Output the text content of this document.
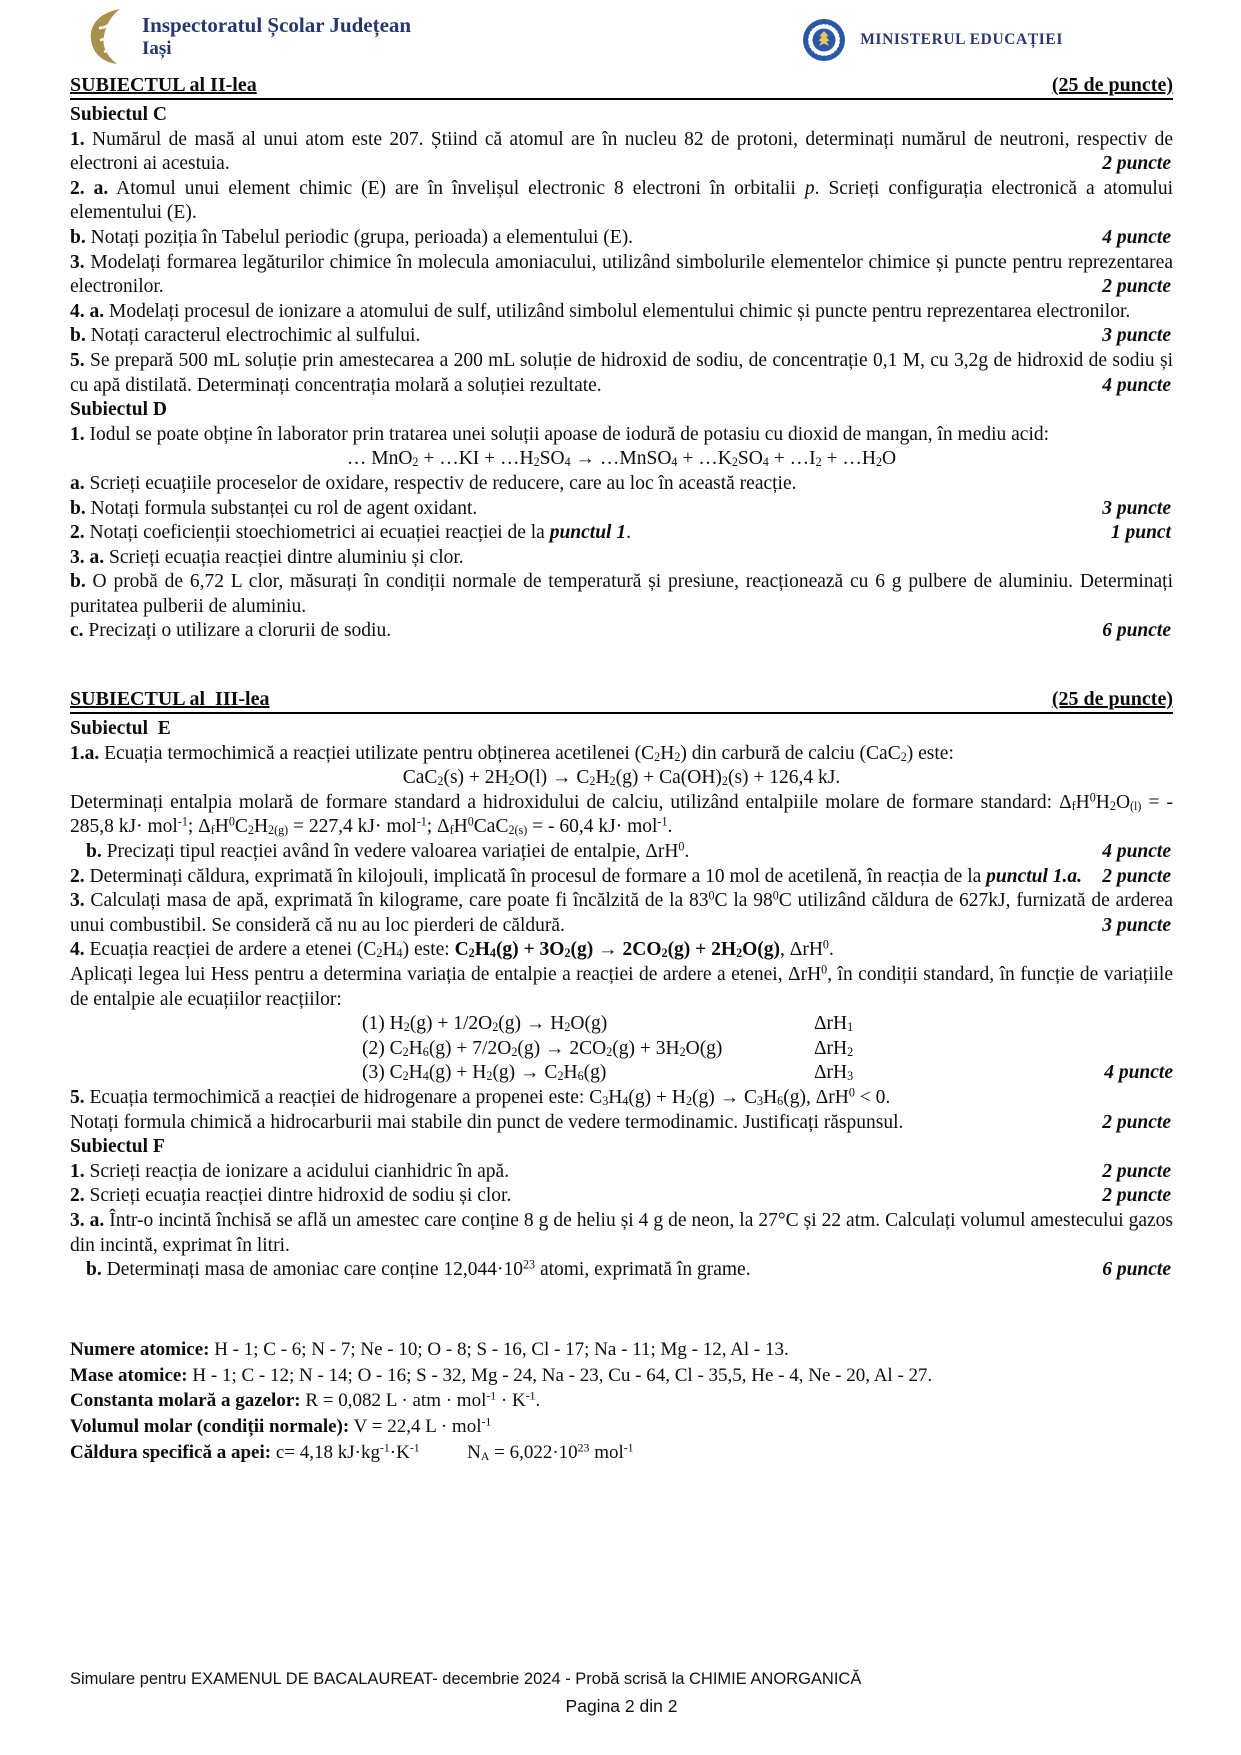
Inspectoratul Școlar Județean
Iași	MINISTERUL EDUCAȚIEI
SUBIECTUL al II-lea	(25 de puncte)
Subiectul C
1. Numărul de masă al unui atom este 207. Știind că atomul are în nucleu 82 de protoni, determinați numărul de neutroni, respectiv de electroni ai acestuia.	2 puncte
2. a. Atomul unui element chimic (E) are în învelișul electronic 8 electroni în orbitalii p. Scrieți configurația electronică a atomului elementului (E).
b. Notați poziția în Tabelul periodic (grupa, perioada) a elementului (E).	4 puncte
3. Modelați formarea legăturilor chimice în molecula amoniacului, utilizând simbolurile elementelor chimice și puncte pentru reprezentarea electronilor.	2 puncte
4. a. Modelați procesul de ionizare a atomului de sulf, utilizând simbolul elementului chimic și puncte pentru reprezentarea electronilor.
b. Notați caracterul electrochimic al sulfului.	3 puncte
5. Se prepară 500 mL soluție prin amestecarea a 200 mL soluție de hidroxid de sodiu, de concentrație 0,1 M, cu 3,2g de hidroxid de sodiu și cu apă distilată. Determinați concentrația molară a soluției rezultate.	4 puncte
Subiectul D
1. Iodul se poate obține în laborator prin tratarea unei soluții apoase de iodură de potasiu cu dioxid de mangan, în mediu acid:
… MnO$_2$ + …KI + $\dots H_2SO_4$ → …MnSO$_4$ + $\dots K_2SO_4$ + $\dots I_2$ + $\dots H_2O$
a. Scrieți ecuațiile proceselor de oxidare, respectiv de reducere, care au loc în această reacție.
b. Notați formula substanței cu rol de agent oxidant.	3 puncte
2. Notați coeficienții stoechiometrici ai ecuației reacției de la punctul 1.	1 punct
3. a. Scrieți ecuația reacției dintre aluminiu și clor.
b. O probă de 6,72 L clor, măsurați în condiții normale de temperatură și presiune, reacționează cu 6 g pulbere de aluminiu. Determinați puritatea pulberii de aluminiu.
c. Precizați o utilizare a clorurii de sodiu.	6 puncte
SUBIECTUL al  III-lea	(25 de puncte)
Subiectul  E
1.a. Ecuația termochimică a reacției utilizate pentru obținerea acetilenei $(C_2H_2)$ din carbură de calciu (CaC$_2$) este:
$CaC_2(s) + 2H_2O(l) \to C_2H_2(g) + Ca(OH)_2(s) + 126,4$ kJ.
Determinați entalpia molară de formare standard a hidroxidului de calciu, utilizând entalpiile molare de formare standard: $\Delta_fH^0H_2O_{(l)}$ = - 285,8 kJ· mol$^{-1}$; $\Delta_fH^0C_2H_{2(g)} = 227,4$ kJ· mol$^{-1}$; $\Delta_fH^0CaC_{2(s)}$ = - 60,4 kJ· mol$^{-1}$.
b. Precizați tipul reacției având în vedere valoarea variației de entalpie, ΔrH$^0$.	4 puncte
2. Determinați căldura, exprimată în kilojouli, implicată în procesul de formare a 10 mol de acetilenă, în reacția de la punctul 1.a. 2 puncte
3. Calculați masa de apă, exprimată în kilograme, care poate fi încălzită de la $83^0C$ la $98^0C$ utilizând căldura de 627kJ, furnizată de arderea unui combustibil. Se consideră că nu au loc pierderi de căldură.	3 puncte
4. Ecuația reacției de ardere a etenei $(C_2H_4)$ este: $C_2H_4(g) + 3O_2(g) \to 2CO_2(g) + 2H_2O(g)$, ΔrH$^0$.
Aplicați legea lui Hess pentru a determina variația de entalpie a reacției de ardere a etenei, ΔrH$^0$, în condiții standard, în funcție de variațiile de entalpie ale ecuațiilor reacțiilor:
(1) $H_2(g) + 1/2O_2(g) \to H_2O(g)$	ΔrH$_1$
(2) $C_2H_6(g) + 7/2O_2(g) \to 2CO_2(g) + 3H_2O(g)$	ΔrH$_2$
(3) $C_2H_4(g) + H_2(g) \to C_2H_6(g)$	ΔrH$_3$	4 puncte
5. Ecuația termochimică a reacției de hidrogenare a propenei este: $C_3H_4(g) + H_2(g) \to C_3H_6(g)$, ΔrH$^0$ < 0.
Notați formula chimică a hidrocarburii mai stabile din punct de vedere termodinamic. Justificați răspunsul.	2 puncte
Subiectul F
1. Scrieți reacția de ionizare a acidului cianhidric în apă.	2 puncte
2. Scrieți ecuația reacției dintre hidroxid de sodiu și clor.	2 puncte
3. a. Într-o incintă închisă se află un amestec care conține 8 g de heliu și 4 g de neon, la 27°C și 22 atm. Calculați volumul amestecului gazos din incintă, exprimat în litri.
b. Determinați masa de amoniac care conține $12,044\cdot 10^{23}$ atomi, exprimată în grame.	6 puncte
Numere atomice: H - 1; C - 6; N - 7; Ne - 10; O - 8; S - 16, Cl - 17; Na - 11; Mg - 12, Al - 13.
Mase atomice: H - 1; C - 12; N - 14; O - 16; S - 32, Mg - 24, Na - 23, Cu - 64, Cl - 35,5, He - 4, Ne - 20, Al - 27.
Constanta molară a gazelor: R = 0,082 L · atm · $mol^{-1} \cdot K^{-1}$.
Volumul molar (condiții normale): V = 22,4 L · mol$^{-1}$
Căldura specifică a apei: c= 4,18 $kJ\cdot kg^{-1}\cdot K^{-1}$          $N_A = 6,022\cdot 10^{23}$ mol$^{-1}$
Simulare pentru EXAMENUL DE BACALAUREAT- decembrie 2024 - Probă scrisă la CHIMIE ANORGANICĂ
Pagina 2 din 2
